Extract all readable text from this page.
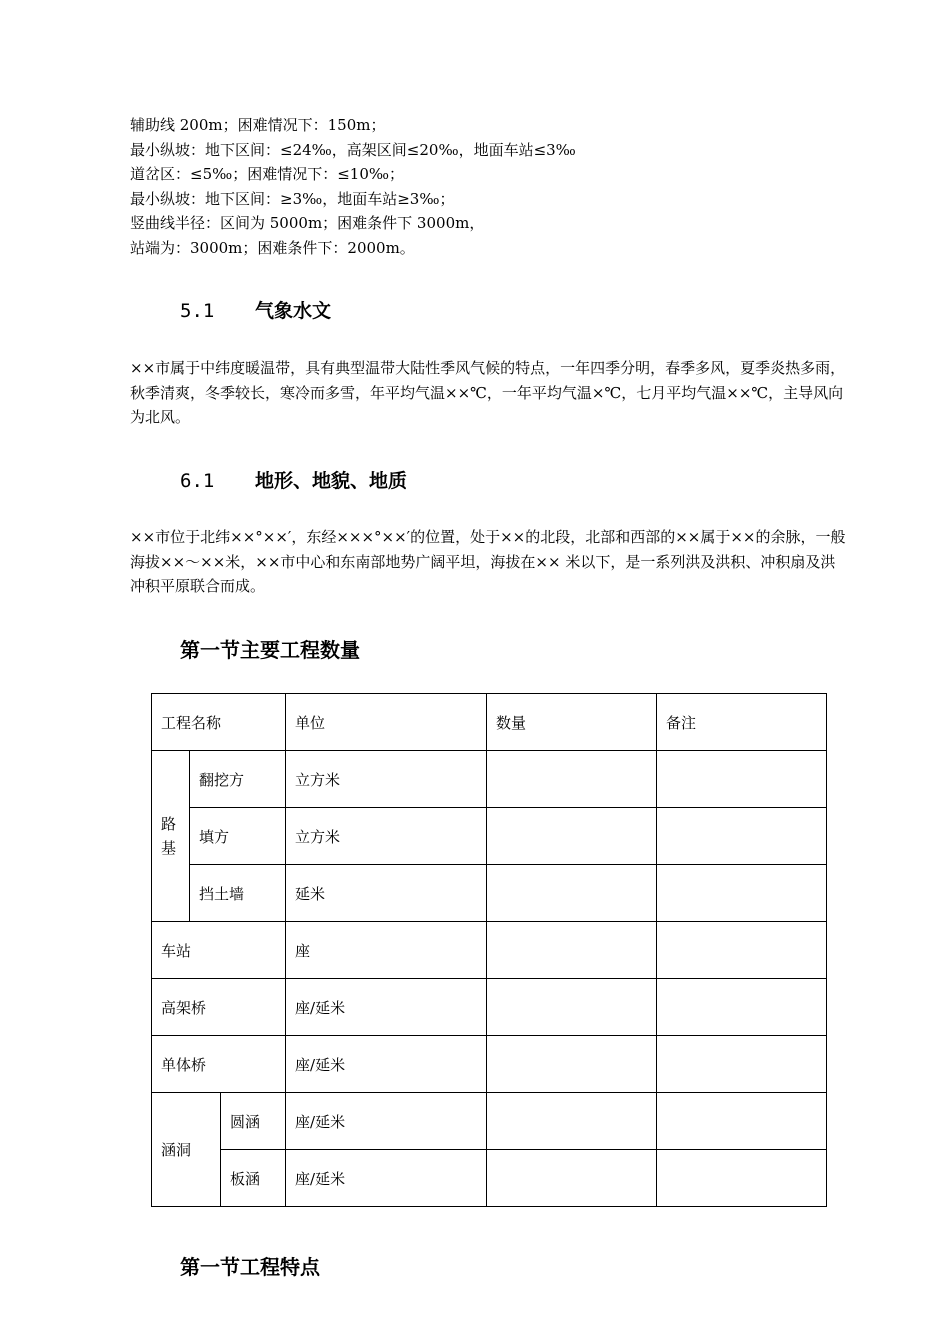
辅助线 200m；困难情况下：150m；

最小纵坡：地下区间：≤24‰，高架区间≤20‰，地面车站≤3‰

道岔区：≤5‰；困难情况下：≤10‰；

最小纵坡：地下区间：≥3‰，地面车站≥3‰；

竖曲线半径：区间为 5000m；困难条件下 3000m，

站端为：3000m；困难条件下：2000m。

5.1 气象水文

××市属于中纬度暖温带，具有典型温带大陆性季风气候的特点，一年四季分明，春季多风，夏季炎热多雨，秋季清爽，冬季较长，寒冷而多雪，年平均气温××℃，一年平均气温×℃，七月平均气温××℃，主导风向为北风。

6.1 地形、地貌、地质

××市位于北纬××°××′，东经×××°××′的位置，处于××的北段，北部和西部的××属于××的余脉，一般海拔××～××米，××市中心和东南部地势广阔平坦，海拔在×× 米以下，是一系列洪及洪积、冲积扇及洪冲积平原联合而成。

第一节主要工程数量
工程名称			单位	数量	备注

路基	翻挖方		立方米		
	填方		立方米		
	挡土墙		延米		
车站			座		
高架桥			座/延米		
单体桥			座/延米		
涵洞		圆涵	座/延米		
		板涵	座/延米		
第一节工程特点
